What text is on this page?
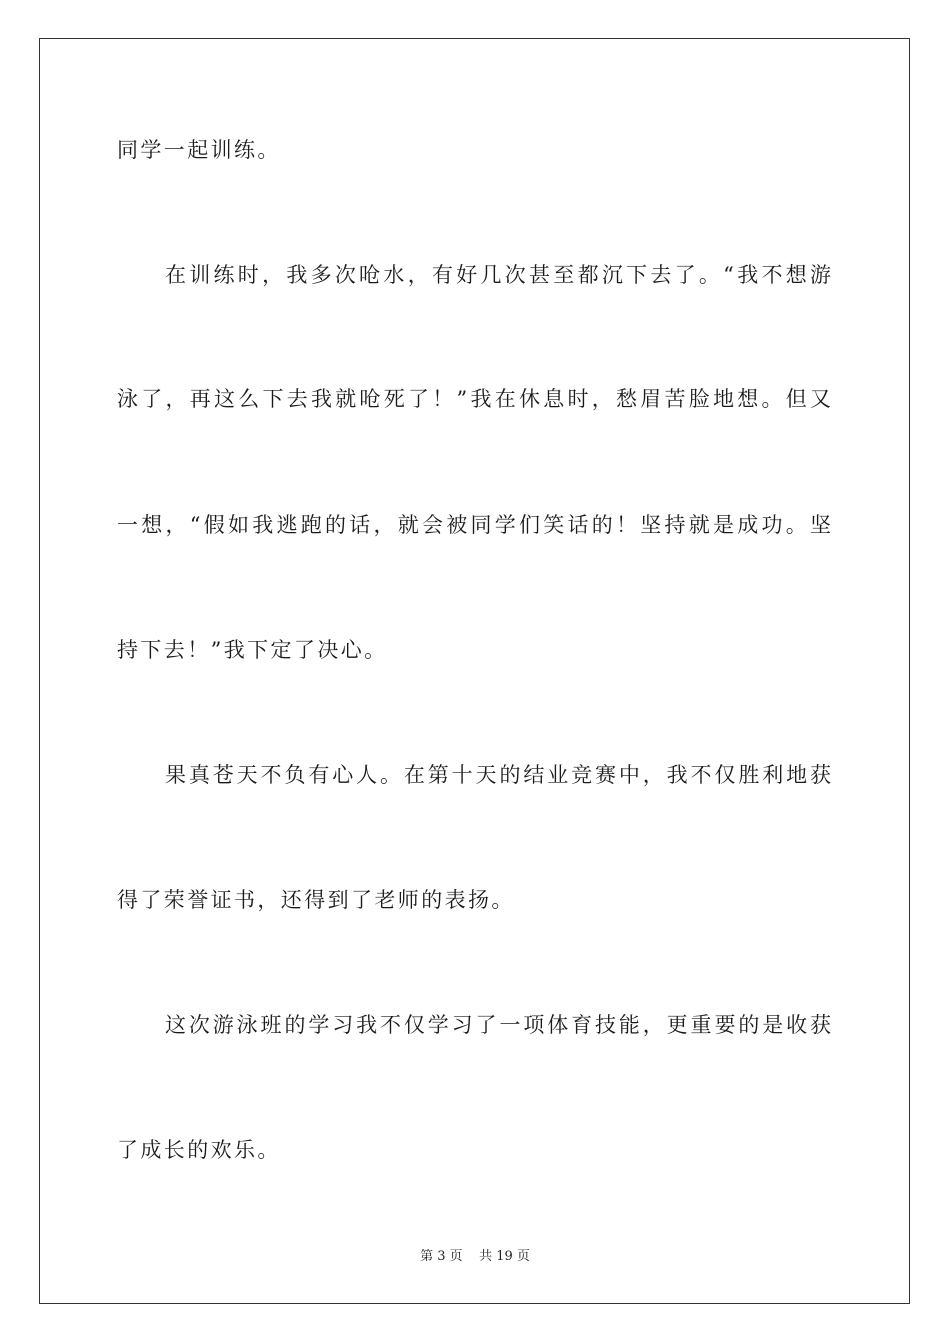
同学一起训练。
在训练时，我多次呛水，有好几次甚至都沉下去了。“我不想游
泳了，再这么下去我就呛死了！”我在休息时，愁眉苦脸地想。但又
一想，“假如我逃跑的话，就会被同学们笑话的！坚持就是成功。坚
持下去！”我下定了决心。
果真苍天不负有心人。在第十天的结业竞赛中，我不仅胜利地获
得了荣誉证书，还得到了老师的表扬。
这次游泳班的学习我不仅学习了一项体育技能，更重要的是收获
了成长的欢乐。
第 3 页    共 19 页
